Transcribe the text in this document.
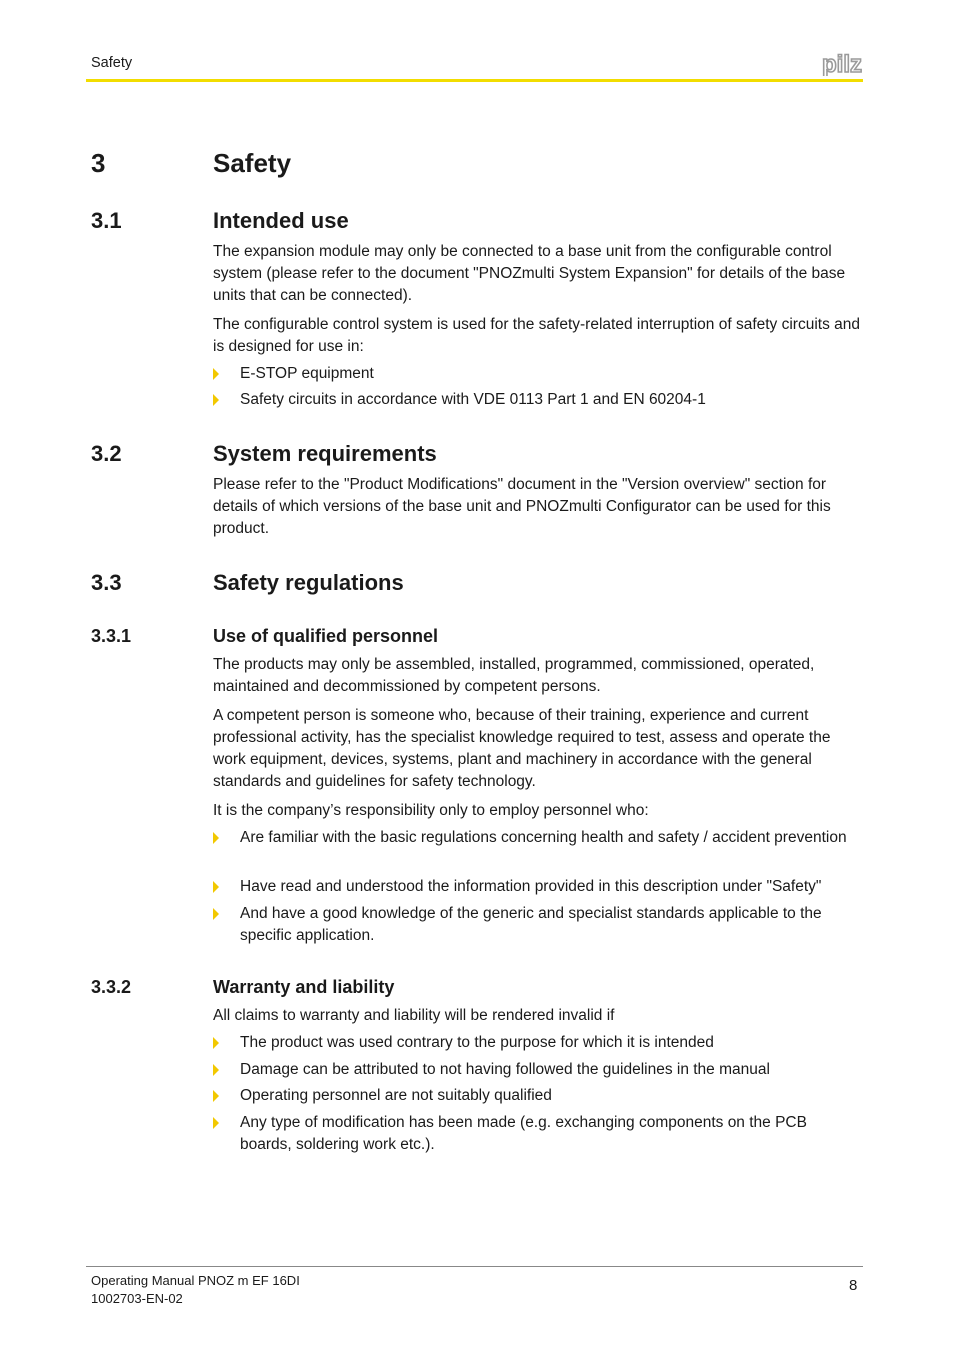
Safety	pilz
3	Safety
3.1	Intended use

The expansion module may only be connected to a base unit from the configurable control system (please refer to the document "PNOZmulti System Expansion" for details of the base units that can be connected).

The configurable control system is used for the safety-related interruption of safety circuits and is designed for use in:

E-STOP equipment
Safety circuits in accordance with VDE 0113 Part 1 and EN 60204-1
3.2	System requirements

Please refer to the "Product Modifications" document in the "Version overview" section for details of which versions of the base unit and PNOZmulti Configurator can be used for this product.

3.3	Safety regulations
3.3.1	Use of qualified personnel

The products may only be assembled, installed, programmed, commissioned, operated, maintained and decommissioned by competent persons.

A competent person is someone who, because of their training, experience and current professional activity, has the specialist knowledge required to test, assess and operate the work equipment, devices, systems, plant and machinery in accordance with the general standards and guidelines for safety technology.

It is the company’s responsibility only to employ personnel who:

Are familiar with the basic regulations concerning health and safety / accident prevention
Have read and understood the information provided in this description under "Safety"
And have a good knowledge of the generic and specialist standards applicable to the specific application.
3.3.2	Warranty and liability

All claims to warranty and liability will be rendered invalid if

The product was used contrary to the purpose for which it is intended
Damage can be attributed to not having followed the guidelines in the manual
Operating personnel are not suitably qualified
Any type of modification has been made (e.g. exchanging components on the PCB boards, soldering work etc.).
Operating Manual PNOZ m EF 16DI
1002703-EN-02
8
